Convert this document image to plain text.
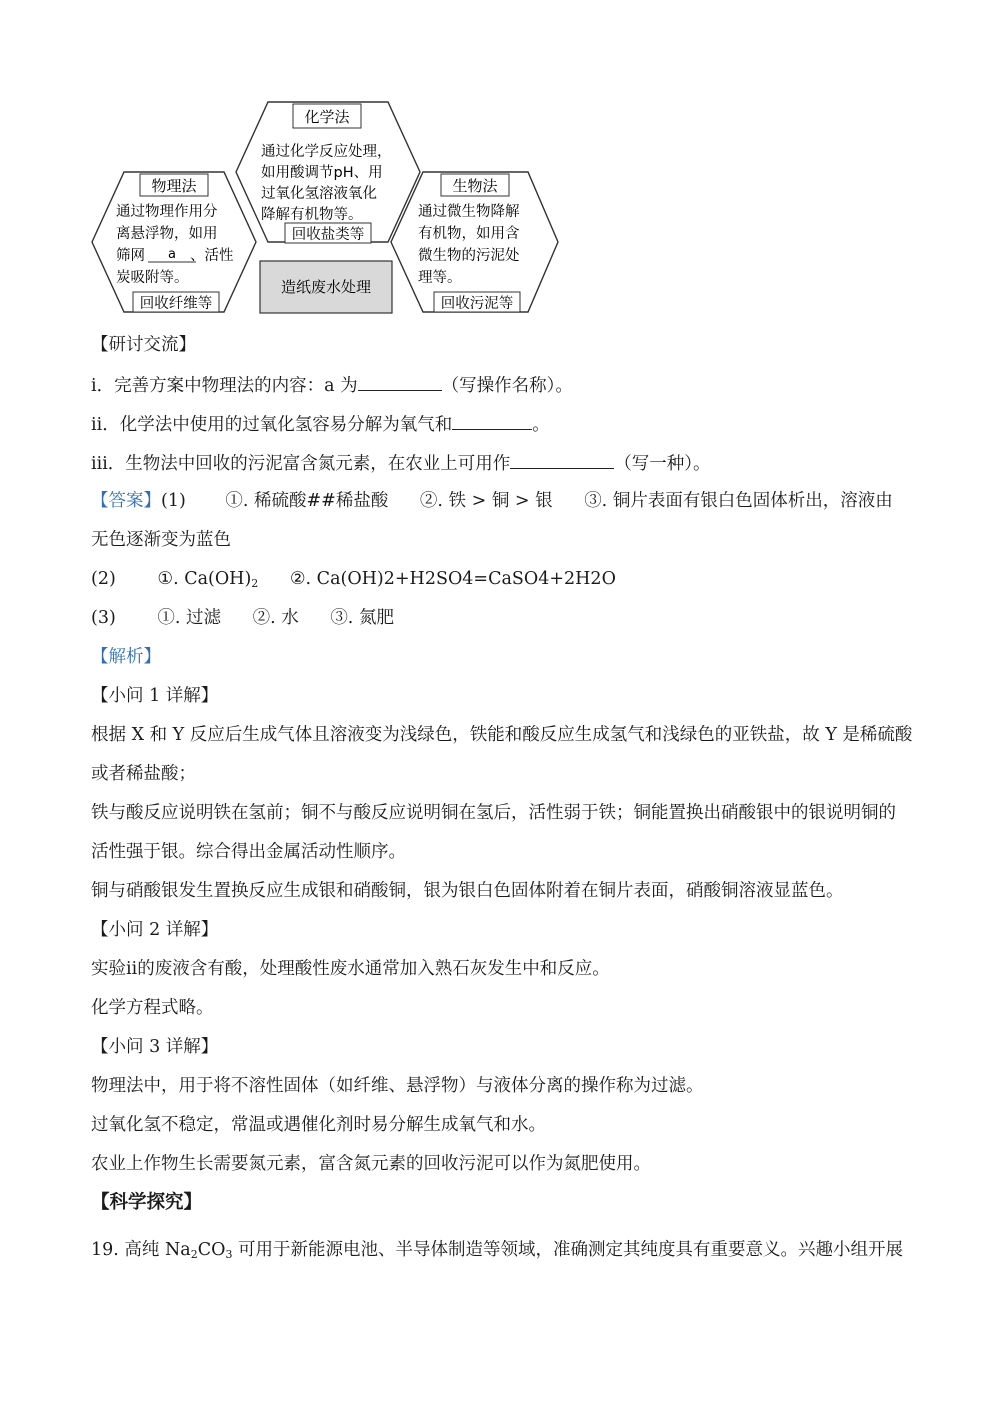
化学法
通过化学反应处理，
如用酸调节pH、用
过氧化氢溶液氧化
降解有机物等。
回收盐类等
物理法
通过物理作用分
离悬浮物，如用
筛网 a 、活性
炭吸附等。
回收纤维等
生物法
通过微生物降解
有机物，如用含
微生物的污泥处
理等。
回收污泥等
造纸废水处理
【研讨交流】
ⅰ．完善方案中物理法的内容：a 为	（写操作名称）。
ⅱ．化学法中使用的过氧化氢容易分解为氧气和	。
ⅲ．生物法中回收的污泥富含氮元素，在农业上可用作	（写一种）。
【答案】(1) ①. 稀硫酸##稀盐酸 ②. 铁 > 铜 > 银 ③. 铜片表面有银白色固体析出，溶液由
无色逐渐变为蓝色
(2) ①. $Ca(OH)_2$ ②. Ca(OH)2+H2SO4=CaSO4+2H2O
(3) ①. 过滤 ②. 水 ③. 氮肥
【解析】
【小问 1 详解】
根据 X 和 Y 反应后生成气体且溶液变为浅绿色，铁能和酸反应生成氢气和浅绿色的亚铁盐，故 Y 是稀硫酸
或者稀盐酸；
铁与酸反应说明铁在氢前；铜不与酸反应说明铜在氢后，活性弱于铁；铜能置换出硝酸银中的银说明铜的
活性强于银。综合得出金属活动性顺序。
铜与硝酸银发生置换反应生成银和硝酸铜，银为银白色固体附着在铜片表面，硝酸铜溶液显蓝色。
【小问 2 详解】
实验ⅱ的废液含有酸，处理酸性废水通常加入熟石灰发生中和反应。
化学方程式略。
【小问 3 详解】
物理法中，用于将不溶性固体（如纤维、悬浮物）与液体分离的操作称为过滤。
过氧化氢不稳定，常温或遇催化剂时易分解生成氧气和水。
农业上作物生长需要氮元素，富含氮元素的回收污泥可以作为氮肥使用。
【科学探究】
19. 高纯 $Na_2CO_3$ 可用于新能源电池、半导体制造等领域，准确测定其纯度具有重要意义。兴趣小组开展
